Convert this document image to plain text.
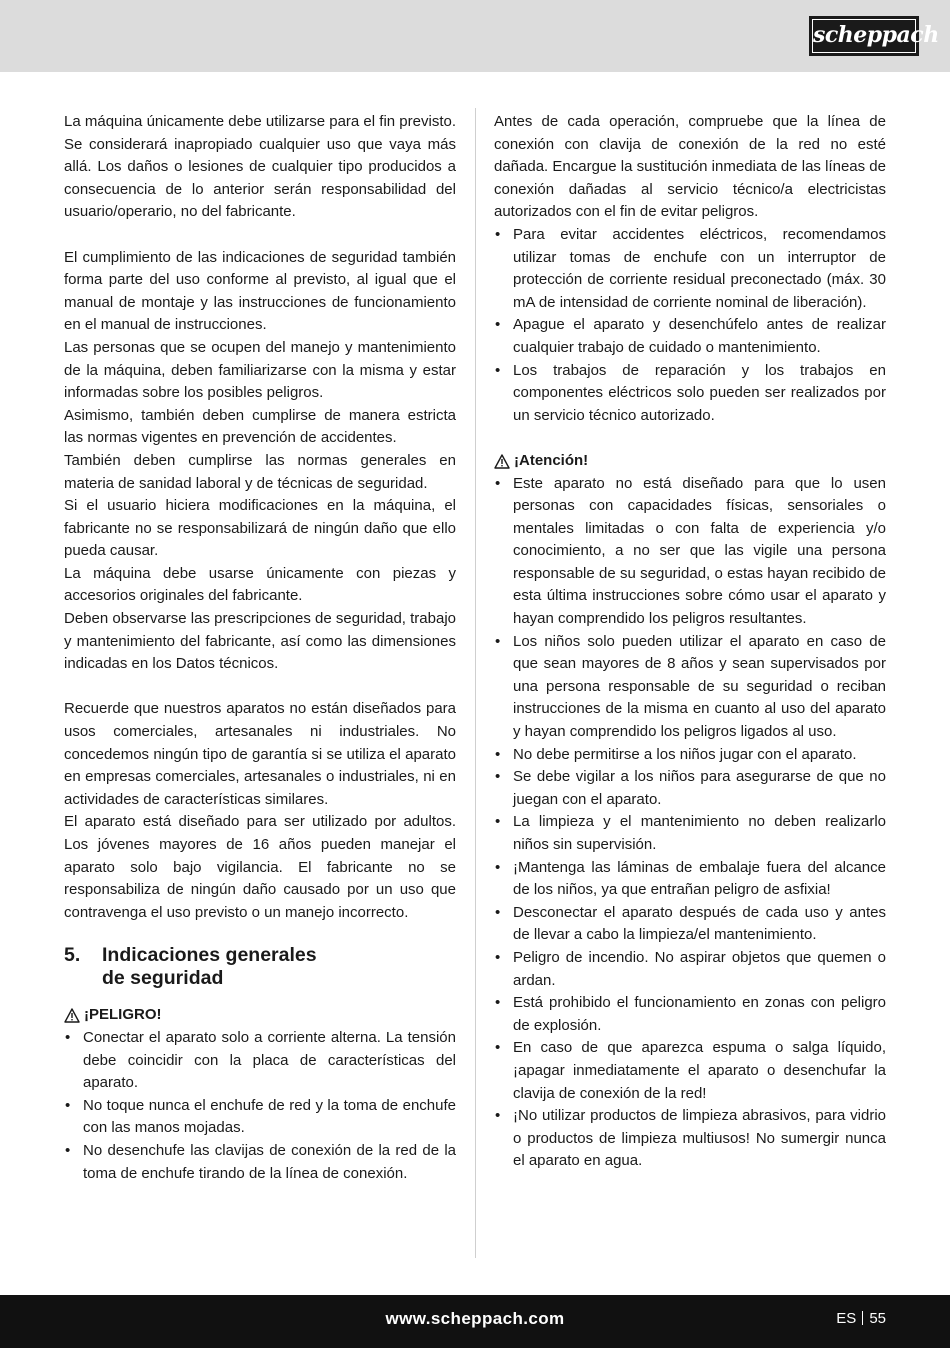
scheppach

La máquina únicamente debe utilizarse para el fin previsto. Se considerará inapropiado cualquier uso que vaya más allá. Los daños o lesiones de cualquier tipo producidos a consecuencia de lo anterior serán responsabilidad del usuario/operario, no del fabricante.

El cumplimiento de las indicaciones de seguridad también forma parte del uso conforme al previsto, al igual que el manual de montaje y las instrucciones de funcionamiento en el manual de instrucciones.

Las personas que se ocupen del manejo y mantenimiento de la máquina, deben familiarizarse con la misma y estar informadas sobre los posibles peligros.

Asimismo, también deben cumplirse de manera estricta las normas vigentes en prevención de accidentes.

También deben cumplirse las normas generales en materia de sanidad laboral y de técnicas de seguridad.

Si el usuario hiciera modificaciones en la máquina, el fabricante no se responsabilizará de ningún daño que ello pueda causar.

La máquina debe usarse únicamente con piezas y accesorios originales del fabricante.

Deben observarse las prescripciones de seguridad, trabajo y mantenimiento del fabricante, así como las dimensiones indicadas en los Datos técnicos.

Recuerde que nuestros aparatos no están diseñados para usos comerciales, artesanales ni industriales. No concedemos ningún tipo de garantía si se utiliza el aparato en empresas comerciales, artesanales o industriales, ni en actividades de características similares.

El aparato está diseñado para ser utilizado por adultos. Los jóvenes mayores de 16 años pueden manejar el aparato solo bajo vigilancia. El fabricante no se responsabiliza de ningún daño causado por un uso que contravenga el uso previsto o un manejo incorrecto.

5. Indicaciones generales
de seguridad
¡PELIGRO!
• Conectar el aparato solo a corriente alterna. La tensión debe coincidir con la placa de características del aparato.
• No toque nunca el enchufe de red y la toma de enchufe con las manos mojadas.
• No desenchufe las clavijas de conexión de la red de la toma de enchufe tirando de la línea de conexión.

Antes de cada operación, compruebe que la línea de conexión con clavija de conexión de la red no esté dañada. Encargue la sustitución inmediata de las líneas de conexión dañadas al servicio técnico/a electricistas autorizados con el fin de evitar peligros.

• Para evitar accidentes eléctricos, recomendamos utilizar tomas de enchufe con un interruptor de protección de corriente residual preconectado (máx. 30 mA de intensidad de corriente nominal de liberación).
• Apague el aparato y desenchúfelo antes de realizar cualquier trabajo de cuidado o mantenimiento.
• Los trabajos de reparación y los trabajos en componentes eléctricos solo pueden ser realizados por un servicio técnico autorizado.
¡Atención!
• Este aparato no está diseñado para que lo usen personas con capacidades físicas, sensoriales o mentales limitadas o con falta de experiencia y/o conocimiento, a no ser que las vigile una persona responsable de su seguridad, o estas hayan recibido de esta última instrucciones sobre cómo usar el aparato y hayan comprendido los peligros resultantes.
• Los niños solo pueden utilizar el aparato en caso de que sean mayores de 8 años y sean supervisados por una persona responsable de su seguridad o reciban instrucciones de la misma en cuanto al uso del aparato y hayan comprendido los peligros ligados al uso.
• No debe permitirse a los niños jugar con el aparato.
• Se debe vigilar a los niños para asegurarse de que no juegan con el aparato.
• La limpieza y el mantenimiento no deben realizarlo niños sin supervisión.
• ¡Mantenga las láminas de embalaje fuera del alcance de los niños, ya que entrañan peligro de asfixia!
• Desconectar el aparato después de cada uso y antes de llevar a cabo la limpieza/el mantenimiento.
• Peligro de incendio. No aspirar objetos que quemen o ardan.
• Está prohibido el funcionamiento en zonas con peligro de explosión.
• En caso de que aparezca espuma o salga líquido, ¡apagar inmediatamente el aparato o desenchufar la clavija de conexión de la red!
• ¡No utilizar productos de limpieza abrasivos, para vidrio o productos de limpieza multiusos! No sumergir nunca el aparato en agua.
www.scheppach.com	ES 55
